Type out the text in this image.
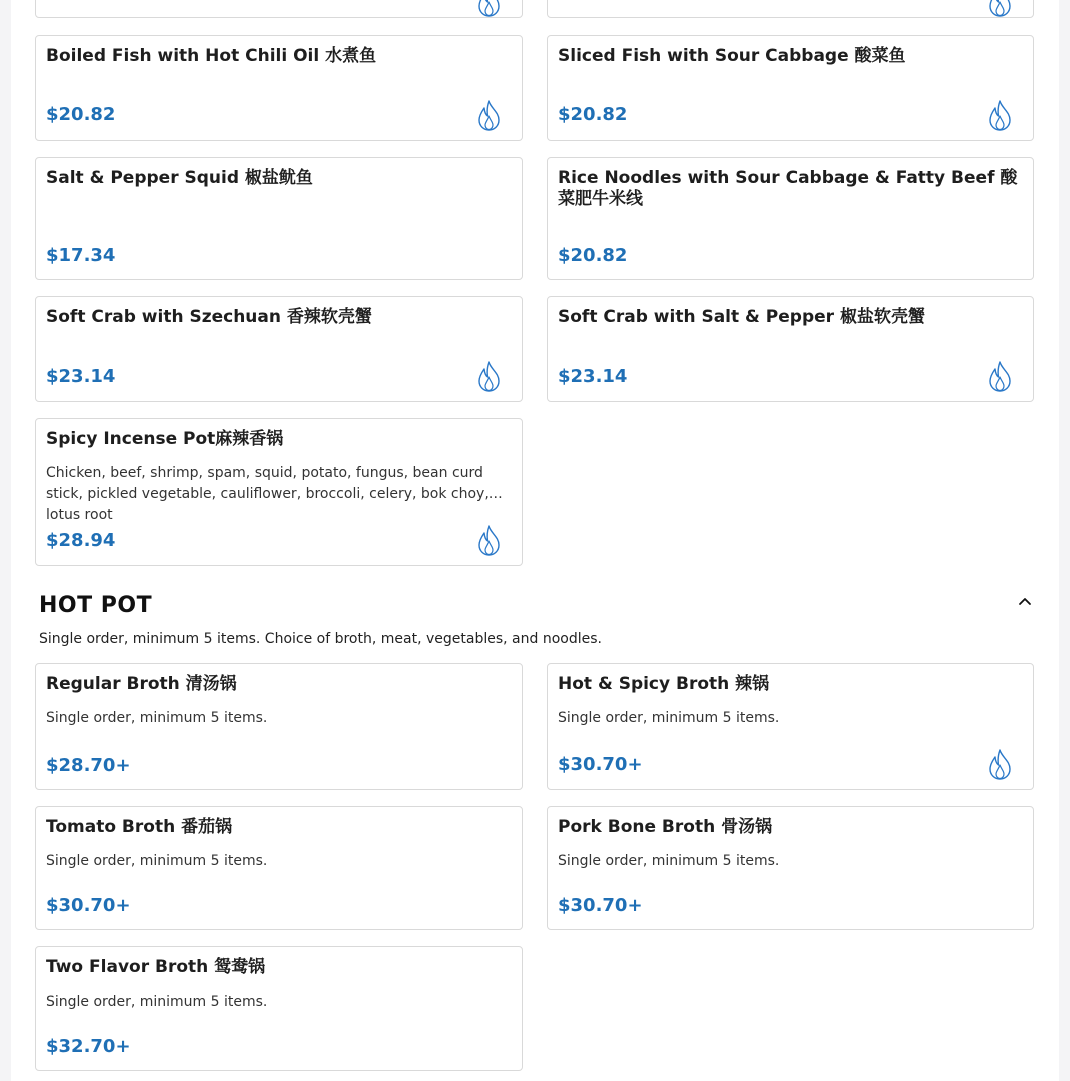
Boiled Fish with Hot Chili Oil 水煮鱼
$20.82
Sliced Fish with Sour Cabbage 酸菜鱼
$20.82
Salt & Pepper Squid 椒盐鱿鱼
$17.34
Rice Noodles with Sour Cabbage & Fatty Beef 酸菜肥牛米线
$20.82
Soft Crab with Szechuan 香辣软壳蟹
$23.14
Soft Crab with Salt & Pepper 椒盐软壳蟹
$23.14
Spicy Incense Pot麻辣香锅
Chicken, beef, shrimp, spam, squid, potato, fungus, bean curd stick, pickled vegetable, cauliflower, broccoli, celery, bok choy, lotus root
$28.94
HOT POT
Single order, minimum 5 items. Choice of broth, meat, vegetables, and noodles.
Regular Broth 清汤锅
Single order, minimum 5 items.
$28.70+
Hot & Spicy Broth 辣锅
Single order, minimum 5 items.
$30.70+
Tomato Broth 番茄锅
Single order, minimum 5 items.
$30.70+
Pork Bone Broth 骨汤锅
Single order, minimum 5 items.
$30.70+
Two Flavor Broth 鸳鸯锅
Single order, minimum 5 items.
$32.70+
